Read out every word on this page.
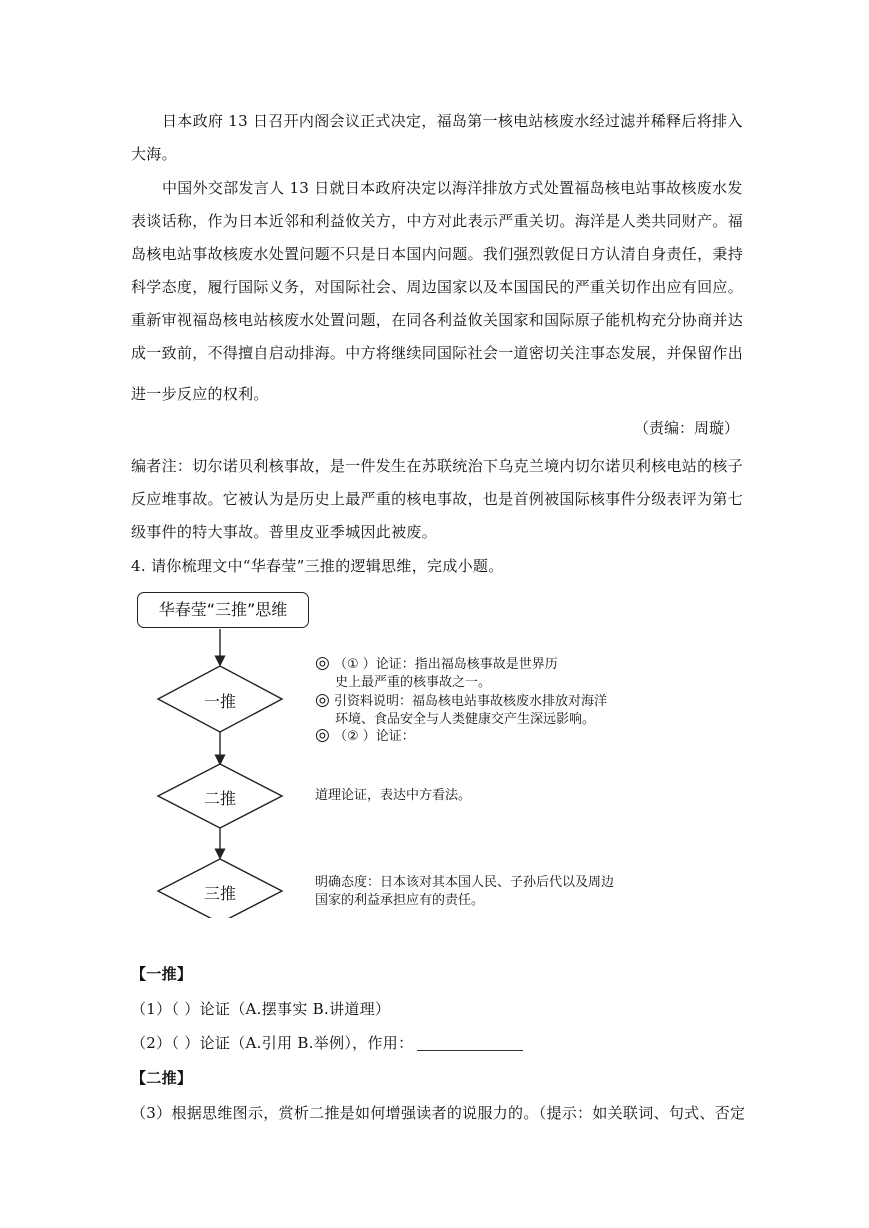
日本政府 13 日召开内阁会议正式决定，福岛第一核电站核废水经过滤并稀释后将排入
大海。
中国外交部发言人 13 日就日本政府决定以海洋排放方式处置福岛核电站事故核废水发
表谈话称，作为日本近邻和利益攸关方，中方对此表示严重关切。海洋是人类共同财产。福
岛核电站事故核废水处置问题不只是日本国内问题。我们强烈敦促日方认清自身责任，秉持
科学态度，履行国际义务，对国际社会、周边国家以及本国国民的严重关切作出应有回应。
重新审视福岛核电站核废水处置问题，在同各利益攸关国家和国际原子能机构充分协商并达
成一致前，不得擅自启动排海。中方将继续同国际社会一道密切关注事态发展，并保留作出
进一步反应的权利。
（责编：周璇）
编者注：切尔诺贝利核事故，是一件发生在苏联统治下乌克兰境内切尔诺贝利核电站的核子
反应堆事故。它被认为是历史上最严重的核电事故，也是首例被国际核事件分级表评为第七
级事件的特大事故。普里皮亚季城因此被废。
4. 请你梳理文中“华春莹”三推的逻辑思维，完成小题。
华春莹“三推”思维
一推
二推
三推
◎ （① ）论证：指出福岛核事故是世界历
史上最严重的核事故之一。
◎ 引资料说明：福岛核电站事故核废水排放对海洋
环境、食品安全与人类健康交产生深远影响。
◎ （② ）论证：
道理论证，表达中方看法。
明确态度：日本该对其本国人民、子孙后代以及周边
国家的利益承担应有的责任。
【一推】
（1）（ ）论证（A.摆事实 B.讲道理）
（2）（ ）论证（A.引用 B.举例），作用：
【二推】
（3）根据思维图示，赏析二推是如何增强读者的说服力的。（提示：如关联词、句式、否定
